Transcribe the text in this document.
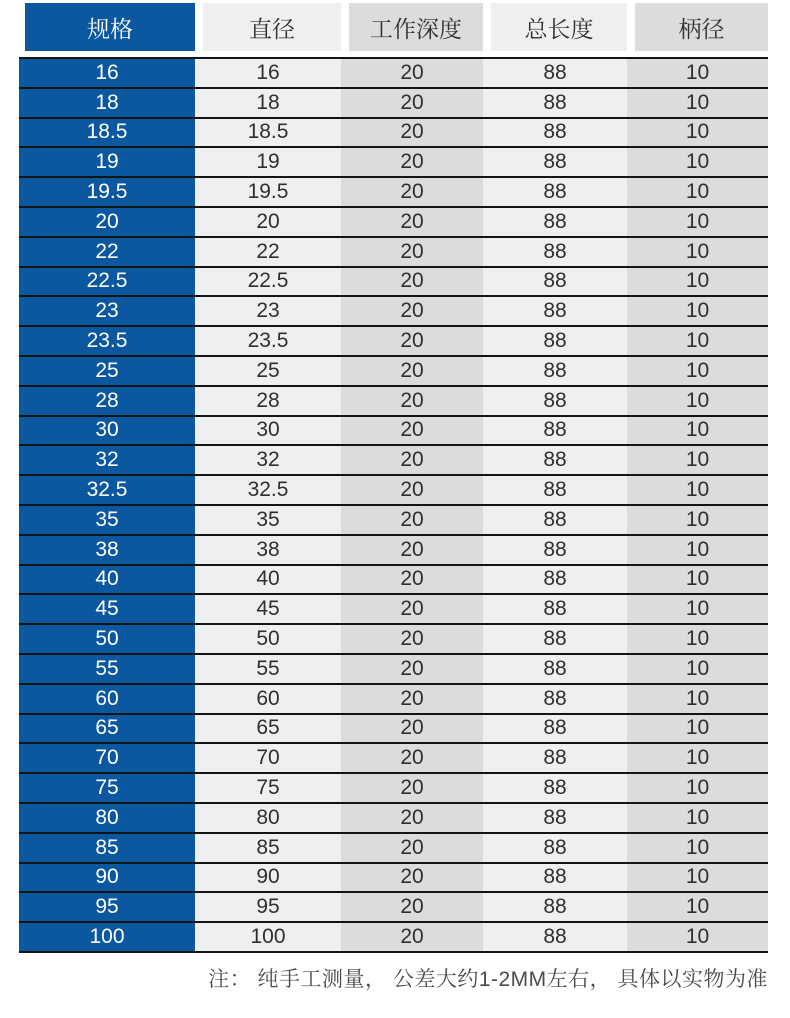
规格	直径	工作深度	总长度	柄径
16	16	20	88	10
18	18	20	88	10
18.5	18.5	20	88	10
19	19	20	88	10
19.5	19.5	20	88	10
20	20	20	88	10
22	22	20	88	10
22.5	22.5	20	88	10
23	23	20	88	10
23.5	23.5	20	88	10
25	25	20	88	10
28	28	20	88	10
30	30	20	88	10
32	32	20	88	10
32.5	32.5	20	88	10
35	35	20	88	10
38	38	20	88	10
40	40	20	88	10
45	45	20	88	10
50	50	20	88	10
55	55	20	88	10
60	60	20	88	10
65	65	20	88	10
70	70	20	88	10
75	75	20	88	10
80	80	20	88	10
85	85	20	88	10
90	90	20	88	10
95	95	20	88	10
100	100	20	88	10
注： 纯手工测量， 公差大约1-2MM左右， 具体以实物为准
